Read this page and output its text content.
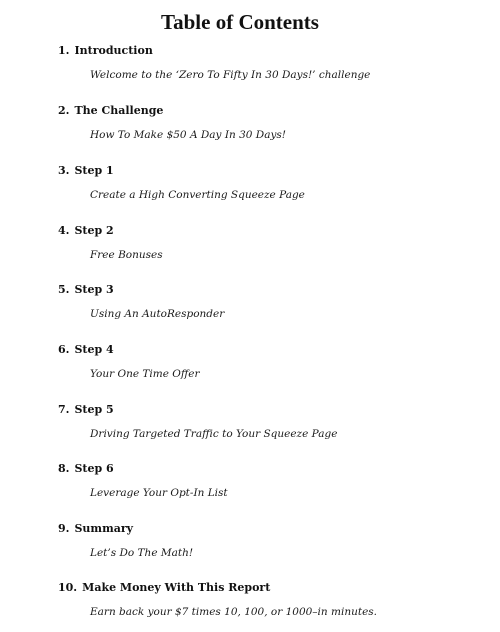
Table of Contents
1. Introduction
Welcome to the ‘Zero To Fifty In 30 Days!’ challenge
2. The Challenge
How To Make $50 A Day In 30 Days!
3. Step 1
Create a High Converting Squeeze Page
4. Step 2
Free Bonuses
5. Step 3
Using An AutoResponder
6. Step 4
Your One Time Offer
7. Step 5
Driving Targeted Traffic to Your Squeeze Page
8. Step 6
Leverage Your Opt-In List
9. Summary
Let’s Do The Math!
10. Make Money With This Report
Earn back your $7 times 10, 100, or 1000–in minutes.
